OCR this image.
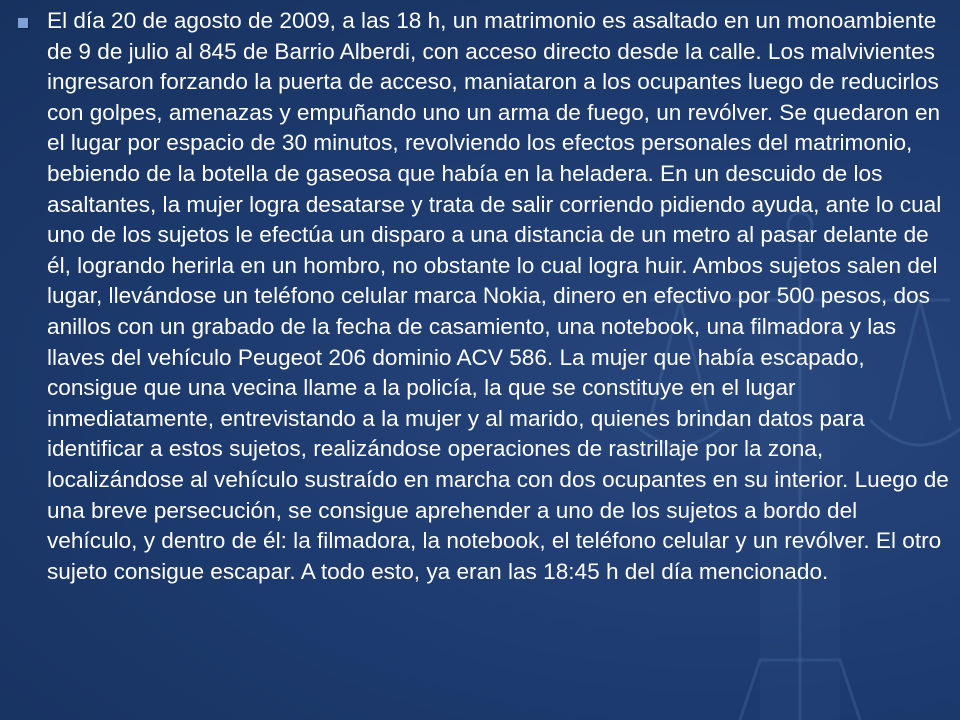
El día 20 de agosto de 2009, a las 18 h, un matrimonio es asaltado en un monoambiente de 9 de julio al 845 de Barrio Alberdi, con acceso directo desde la calle. Los malvivientes ingresaron forzando la puerta de acceso, maniataron a los ocupantes luego de reducirlos con golpes, amenazas y empuñando uno un arma de fuego, un revólver. Se quedaron en el lugar por espacio de 30 minutos, revolviendo los efectos personales del matrimonio, bebiendo de la botella de gaseosa que había en la heladera. En un descuido de los asaltantes, la mujer logra desatarse y trata de salir corriendo pidiendo ayuda, ante lo cual uno de los sujetos le efectúa un disparo a una distancia de un metro al pasar delante de él, logrando herirla en un hombro, no obstante lo cual logra huir. Ambos sujetos salen del lugar, llevándose un teléfono celular marca Nokia, dinero en efectivo por 500 pesos, dos anillos con un grabado de la fecha de casamiento, una notebook, una filmadora y las llaves del vehículo Peugeot 206 dominio ACV 586. La mujer que había escapado, consigue que una vecina llame a la policía, la que se constituye en el lugar inmediatamente, entrevistando a la mujer y al marido, quienes brindan datos para identificar a estos sujetos, realizándose operaciones de rastrillaje por la zona, localizándose al vehículo sustraído en marcha con dos ocupantes en su interior. Luego de una breve persecución, se consigue aprehender a uno de los sujetos a bordo del vehículo, y dentro de él: la filmadora, la notebook, el teléfono celular y un revólver. El otro sujeto consigue escapar. A todo esto, ya eran las 18:45 h del día mencionado.
